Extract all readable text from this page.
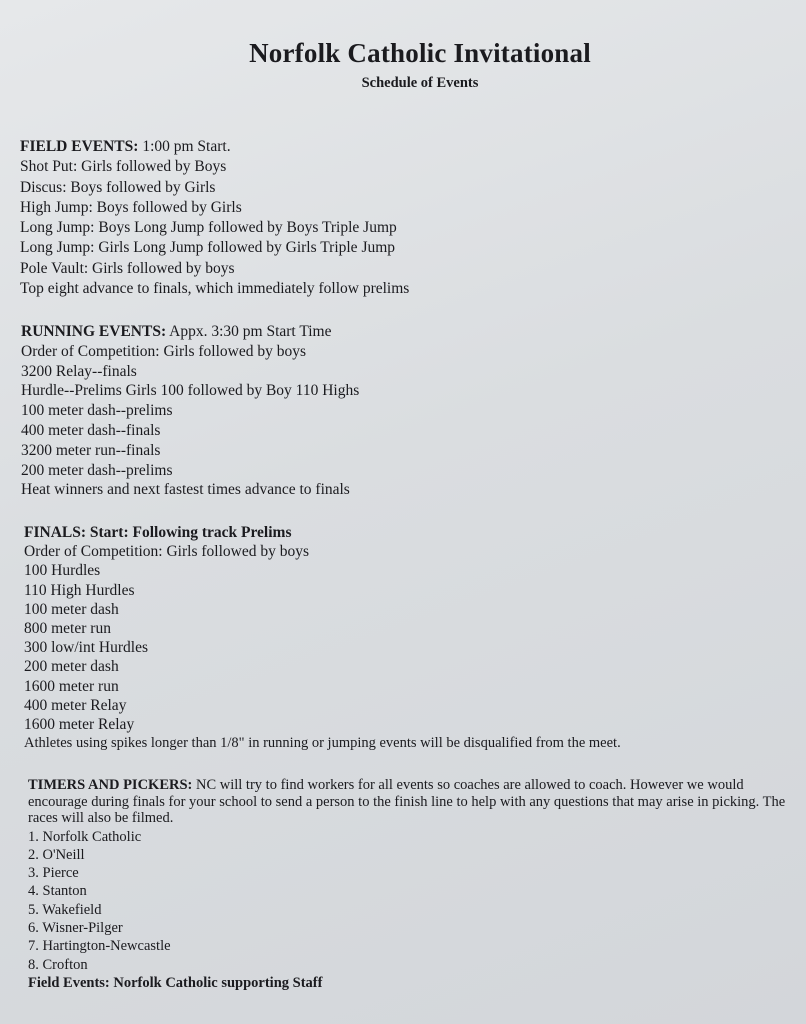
Norfolk Catholic Invitational
Schedule of Events
FIELD EVENTS: 1:00 pm Start.
Shot Put: Girls followed by Boys
Discus: Boys followed by Girls
High Jump: Boys followed by Girls
Long Jump: Boys Long Jump followed by Boys Triple Jump
Long Jump: Girls Long Jump followed by Girls Triple Jump
Pole Vault: Girls followed by boys
Top eight advance to finals, which immediately follow prelims
RUNNING EVENTS: Appx. 3:30 pm Start Time
Order of Competition: Girls followed by boys
3200 Relay--finals
Hurdle--Prelims Girls 100 followed by Boy 110 Highs
100 meter dash--prelims
400 meter dash--finals
3200 meter run--finals
200 meter dash--prelims
Heat winners and next fastest times advance to finals
FINALS: Start: Following track Prelims
Order of Competition: Girls followed by boys
100 Hurdles
110 High Hurdles
100 meter dash
800 meter run
300 low/int Hurdles
200 meter dash
1600 meter run
400 meter Relay
1600 meter Relay
Athletes using spikes longer than 1/8" in running or jumping events will be disqualified from the meet.
TIMERS AND PICKERS: NC will try to find workers for all events so coaches are allowed to coach. However we would encourage during finals for your school to send a person to the finish line to help with any questions that may arise in picking. The races will also be filmed.
1. Norfolk Catholic
2. O'Neill
3. Pierce
4. Stanton
5. Wakefield
6. Wisner-Pilger
7. Hartington-Newcastle
8. Crofton
Field Events: Norfolk Catholic supporting Staff
